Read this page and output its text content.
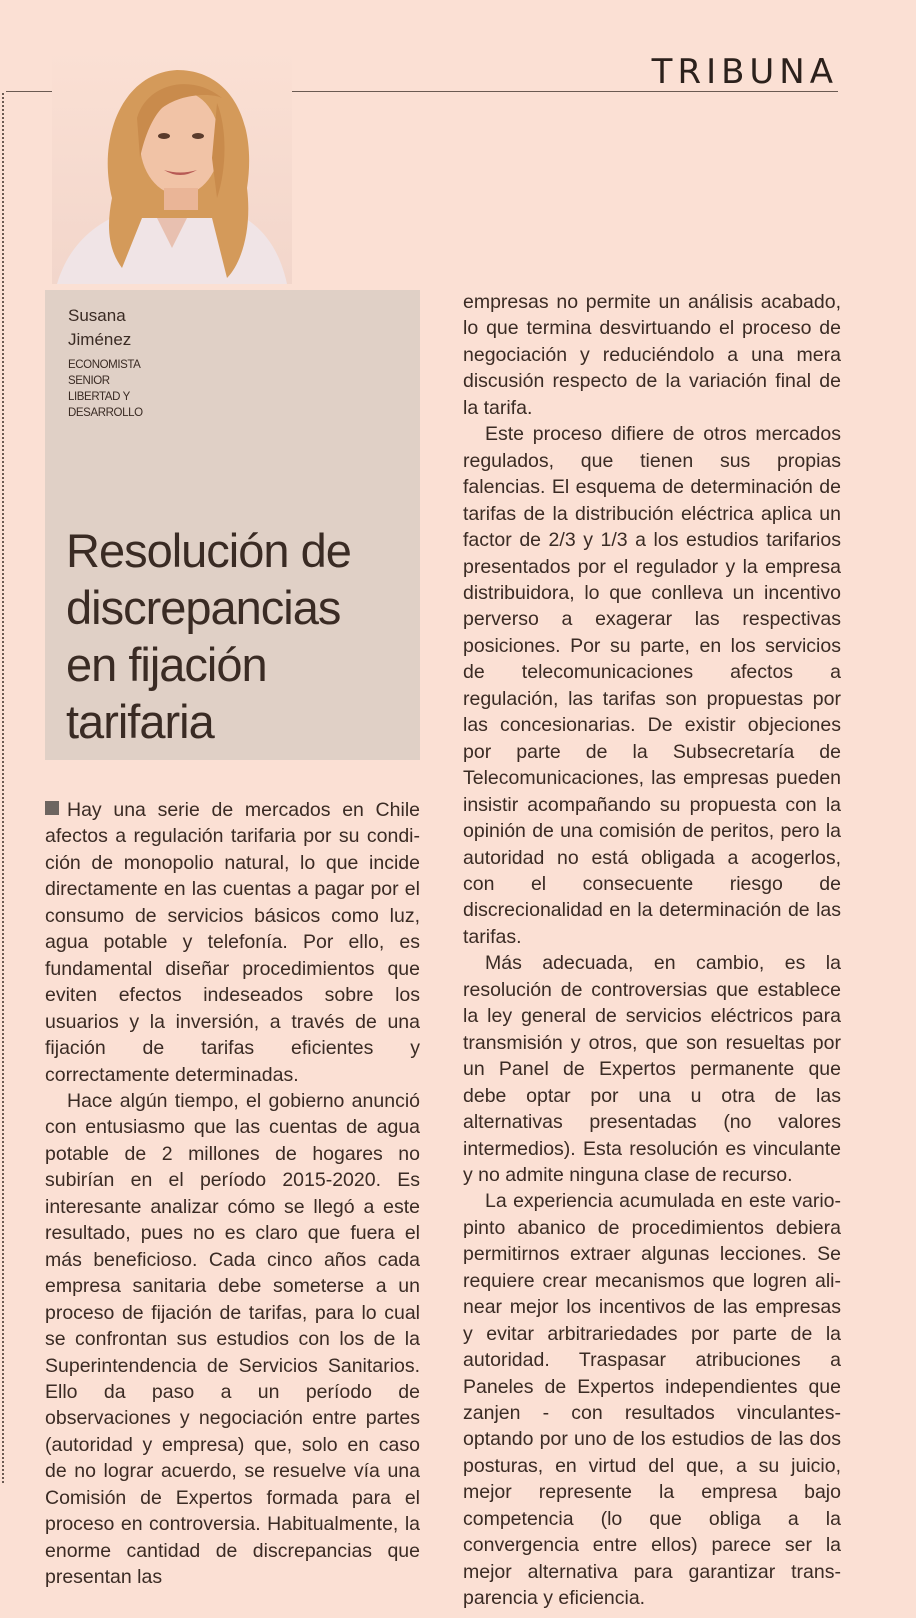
TRIBUNA
Susana
Jiménez
ECONOMISTA
SENIOR
LIBERTAD Y
DESARROLLO
Resolución de
discrepancias
en fijación
tarifaria

Hay una serie de mercados en Chile afectos a regulación tarifaria por su condición de monopolio natural, lo que incide directamente en las cuentas a pagar por el consumo de servicios básicos como luz, agua potable y telefonía. Por ello, es fundamental diseñar procedimientos que eviten efectos indeseados sobre los usuarios y la inversión, a través de una fijación de tarifas eficientes y correctamente determinadas.

Hace algún tiempo, el gobierno anunció con entusiasmo que las cuentas de agua potable de 2 millones de hogares no subirían en el período 2015-2020. Es interesante analizar cómo se llegó a este resultado, pues no es claro que fuera el más beneficioso. Cada cinco años cada empresa sanitaria debe someterse a un proceso de fijación de tarifas, para lo cual se confrontan sus estudios con los de la Superintendencia de Servicios Sanitarios. Ello da paso a un período de observaciones y negociación entre partes (autoridad y empresa) que, solo en caso de no lograr acuerdo, se resuelve vía una Comisión de Expertos formada para el proceso en controversia. Habitualmente, la enorme cantidad de discrepancias que presentan las

empresas no permite un análisis acabado, lo que termina desvirtuando el proceso de negociación y reduciéndolo a una mera discusión respecto de la variación final de la tarifa.

Este proceso difiere de otros mercados regulados, que tienen sus propias falencias. El esquema de determinación de tarifas de la distribución eléctrica aplica un factor de 2/3 y 1/3 a los estudios tarifarios presentados por el regulador y la empresa distribuidora, lo que conlleva un incentivo perverso a exagerar las respectivas posiciones. Por su parte, en los servicios de telecomunicaciones afectos a regulación, las tarifas son propuestas por las concesionarias. De existir objeciones por parte de la Subsecretaría de Telecomunicaciones, las empresas pueden insistir acompañando su propuesta con la opinión de una comisión de peritos, pero la autoridad no está obligada a acogerlos, con el consecuente riesgo de discrecionalidad en la determinación de las tarifas.

Más adecuada, en cambio, es la resolución de controversias que establece la ley general de servicios eléctricos para transmisión y otros, que son resueltas por un Panel de Expertos permanente que debe optar por una u otra de las alternativas presentadas (no valores intermedios). Esta resolución es vinculante y no admite ninguna clase de recurso.

La experiencia acumulada en este variopinto abanico de procedimientos debiera permitirnos extraer algunas lecciones. Se requiere crear mecanismos que logren alinear mejor los incentivos de las empresas y evitar arbitrariedades por parte de la autoridad. Traspasar atribuciones a Paneles de Expertos independientes que zanjen - con resultados vinculantes- optando por uno de los estudios de las dos posturas, en virtud del que, a su juicio, mejor represente la empresa bajo competencia (lo que obliga a la convergencia entre ellos) parece ser la mejor alternativa para garantizar transparencia y eficiencia.
